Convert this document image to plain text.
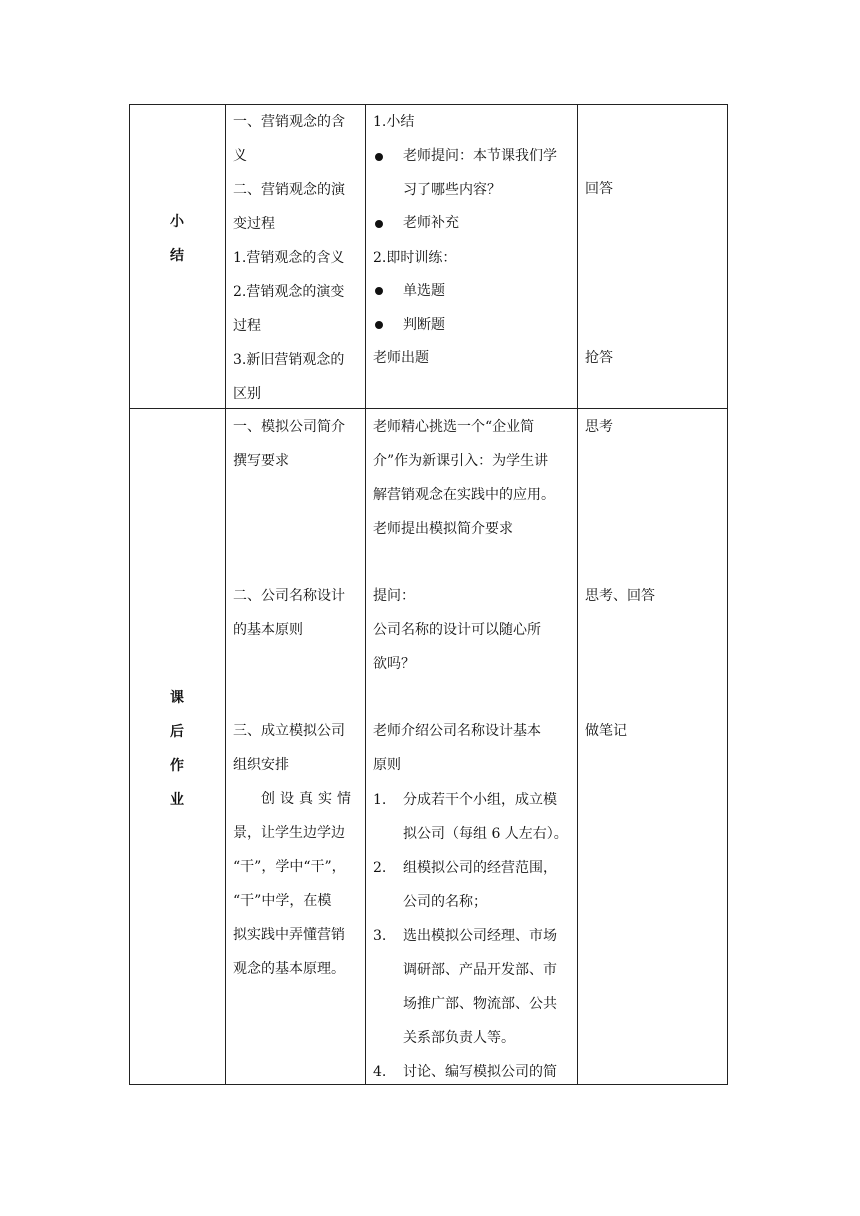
小
结
一、营销观念的含
义
二、营销观念的演
变过程
1.营销观念的含义
2.营销观念的演变
过程
3.新旧营销观念的
区别
1.小结
老师提问：本节课我们学
习了哪些内容？
老师补充
2.即时训练：
单选题
判断题
老师出题
回答
抢答
课
后
作
业
一、模拟公司简介
撰写要求
二、公司名称设计
的基本原则
三、成立模拟公司
组织安排
创设真实情
景，让学生边学边
“干”，学中“干”，
“干”中学，在模
拟实践中弄懂营销
观念的基本原理。
老师精心挑选一个“企业简
介”作为新课引入：为学生讲
解营销观念在实践中的应用。
老师提出模拟简介要求
提问：
公司名称的设计可以随心所
欲吗？
老师介绍公司名称设计基本
原则
1. 分成若干个小组，成立模
拟公司（每组 6 人左右）。
2. 组模拟公司的经营范围，
公司的名称；
3. 选出模拟公司经理、市场
调研部、产品开发部、市
场推广部、物流部、公共
关系部负责人等。
4. 讨论、编写模拟公司的简
思考
思考、回答
做笔记
